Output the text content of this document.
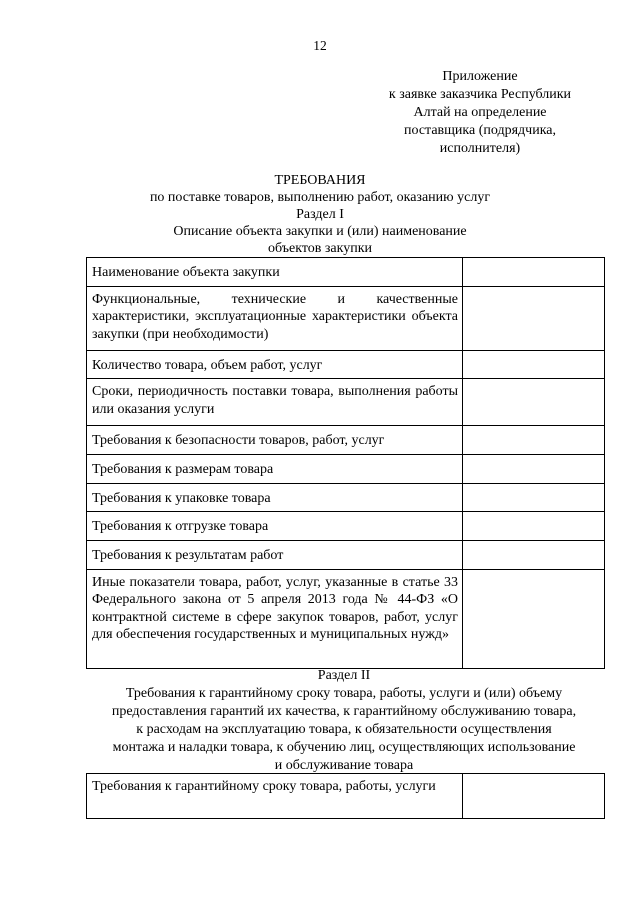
12
Приложение
к заявке заказчика Республики
Алтай на определение
поставщика (подрядчика,
исполнителя)
ТРЕБОВАНИЯ
по поставке товаров, выполнению работ, оказанию услуг
Раздел I
Описание объекта закупки и (или) наименование
объектов закупки
Наименование объекта закупки	

Функциональные, технические и качественные характеристики, эксплуатационные характеристики объекта закупки (при необходимости)	

Количество товара, объем работ, услуг	

Сроки, периодичность поставки товара, выполнения работы или оказания услуги	

Требования к безопасности товаров, работ, услуг	

Требования к размерам товара	

Требования к упаковке товара	

Требования к отгрузке товара	

Требования к результатам работ	

Иные показатели товара, работ, услуг, указанные в статье 33 Федерального закона от 5 апреля 2013 года № 44-ФЗ «О контрактной системе в сфере закупок товаров, работ, услуг для обеспечения государственных и муниципальных нужд»	

Раздел II
Требования к гарантийному сроку товара, работы, услуги и (или) объему
предоставления гарантий их качества, к гарантийному обслуживанию товара,
к расходам на эксплуатацию товара, к обязательности осуществления
монтажа и наладки товара, к обучению лиц, осуществляющих использование
и обслуживание товара
Требования к гарантийному сроку товара, работы, услуги
